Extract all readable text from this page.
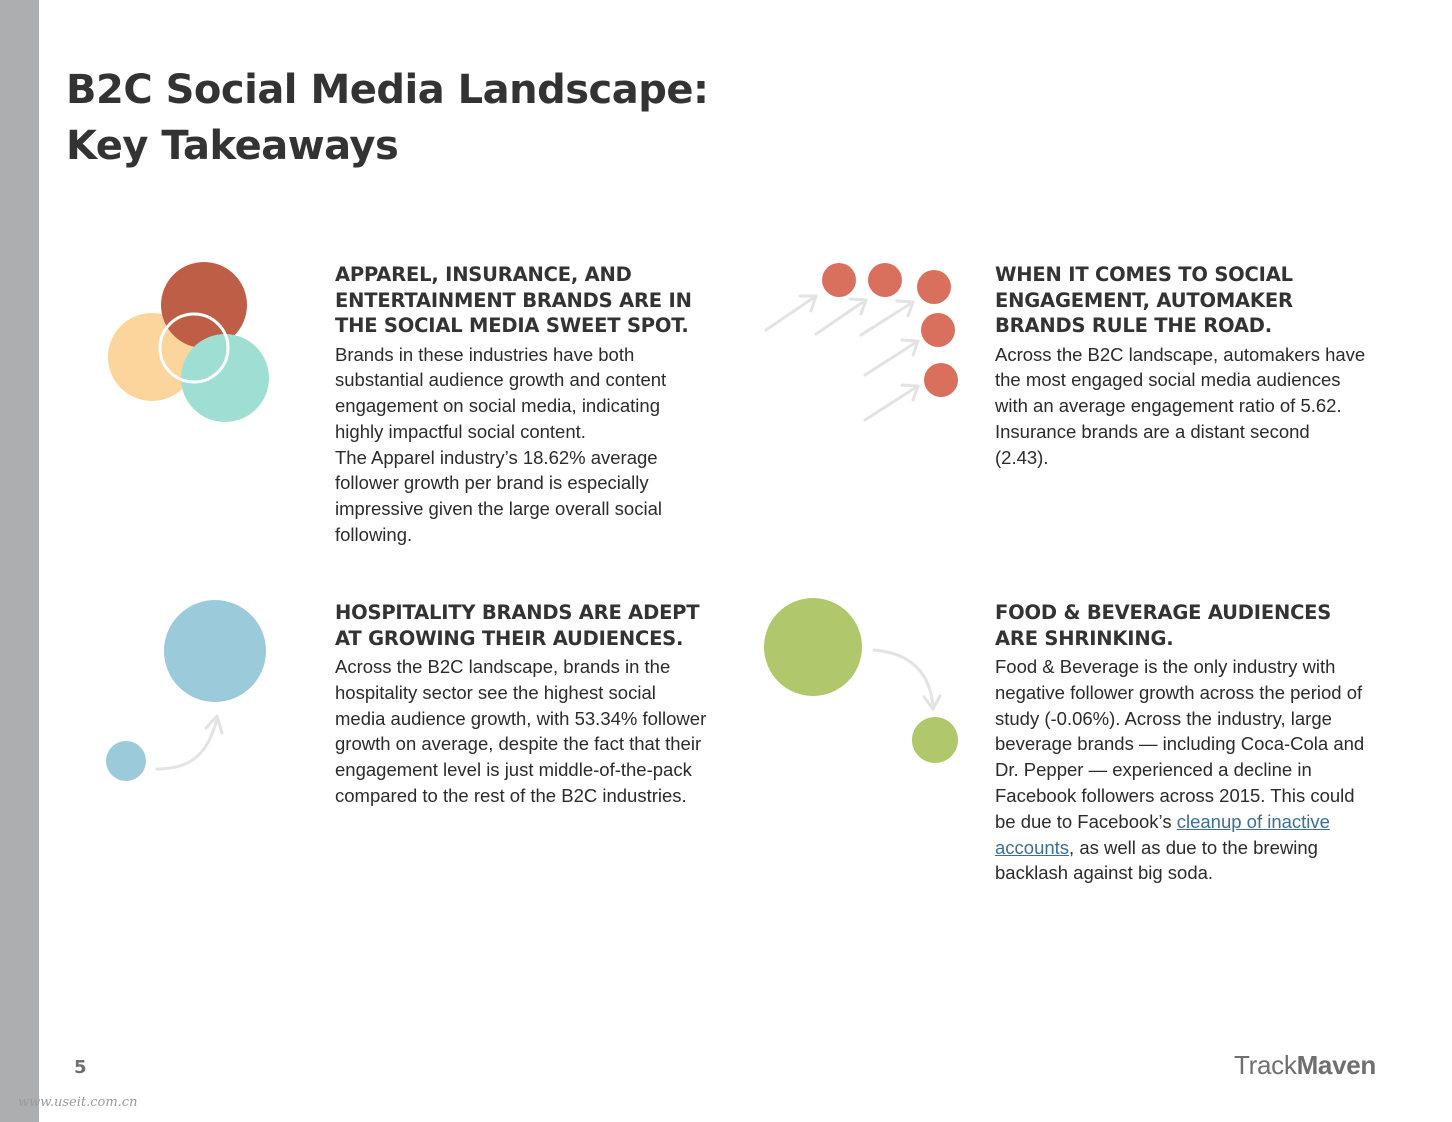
B2C Social Media Landscape:
Key Takeaways
APPAREL, INSURANCE, AND ENTERTAINMENT BRANDS ARE IN THE SOCIAL MEDIA SWEET SPOT.

Brands in these industries have both substantial audience growth and content engagement on social media, indicating highly impactful social content.

The Apparel industry’s 18.62% average follower growth per brand is especially impressive given the large overall social following.

WHEN IT COMES TO SOCIAL ENGAGEMENT, AUTOMAKER BRANDS RULE THE ROAD.

Across the B2C landscape, automakers have the most engaged social media audiences with an average engagement ratio of 5.62. Insurance brands are a distant second (2.43).

HOSPITALITY BRANDS ARE ADEPT AT GROWING THEIR AUDIENCES.

Across the B2C landscape, brands in the hospitality sector see the highest social media audience growth, with 53.34% follower growth on average, despite the fact that their engagement level is just middle-of-the-pack compared to the rest of the B2C industries.

FOOD & BEVERAGE AUDIENCES ARE SHRINKING.

Food & Beverage is the only industry with negative follower growth across the period of study (-0.06%). Across the industry, large beverage brands — including Coca-Cola and Dr. Pepper — experienced a decline in Facebook followers across 2015. This could be due to Facebook’s cleanup of inactive accounts, as well as due to the brewing backlash against big soda.

5	TrackMaven
www.useit.com.cn
